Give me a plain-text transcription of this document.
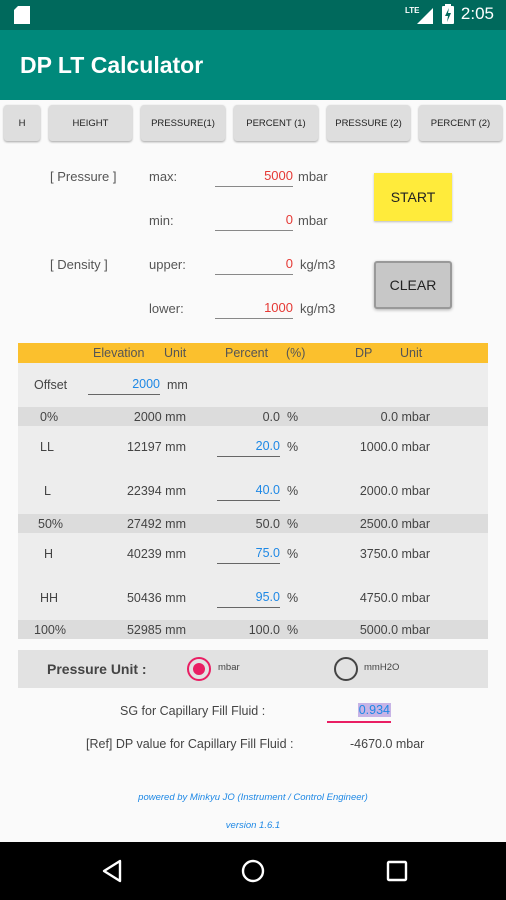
LTE 2:05
DP LT Calculator
H	HEIGHT	PRESSURE(1)	PERCENT (1)	PRESSURE (2)	PERCENT (2)
[ Pressure ]	max:	5000 mbar
min:	0 mbar
[ Density ]	upper:	0 kg/m3
lower:	1000 kg/m3
START
CLEAR
Elevation Unit	Percent (%)	DP Unit
Offset	2000 mm
0%	2000 mm	0.0 %	0.0 mbar
LL	12197 mm	20.0 %	1000.0 mbar
L	22394 mm	40.0 %	2000.0 mbar
50%	27492 mm	50.0 %	2500.0 mbar
H	40239 mm	75.0 %	3750.0 mbar
HH	50436 mm	95.0 %	4750.0 mbar
100%	52985 mm	100.0 %	5000.0 mbar
Pressure Unit :	mbar	mmH2O
SG for Capillary Fill Fluid :	0.934
[Ref] DP value for Capillary Fill Fluid :	-4670.0 mbar
powered by Minkyu JO (Instrument / Control Engineer)
version 1.6.1
